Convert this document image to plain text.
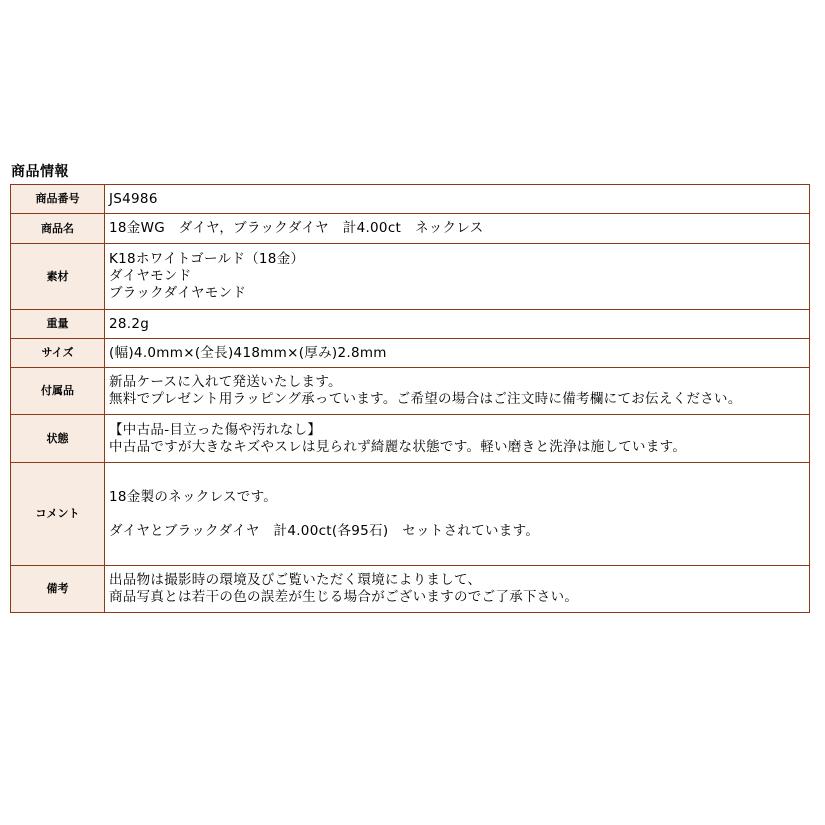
商品情報
商品番号	JS4986
商品名	18金WG　ダイヤ，ブラックダイヤ　計4.00ct　ネックレス
素材	K18ホワイトゴールド（18金）
ダイヤモンド
ブラックダイヤモンド

重量	28.2g
サイズ	(幅)4.0mm×(全長)418mm×(厚み)2.8mm
付属品	新品ケースに入れて発送いたします。
無料でプレゼント用ラッピング承っています。ご希望の場合はご注文時に備考欄にてお伝えください。

状態	【中古品-目立った傷や汚れなし】
中古品ですが大きなキズやスレは見られず綺麗な状態です。軽い磨きと洗浄は施しています。

コメント	18金製のネックレスです。
ダイヤとブラックダイヤ　計4.00ct(各95石)　セットされています。

備考	出品物は撮影時の環境及びご覧いただく環境によりまして、
商品写真とは若干の色の誤差が生じる場合がございますのでご了承下さい。
